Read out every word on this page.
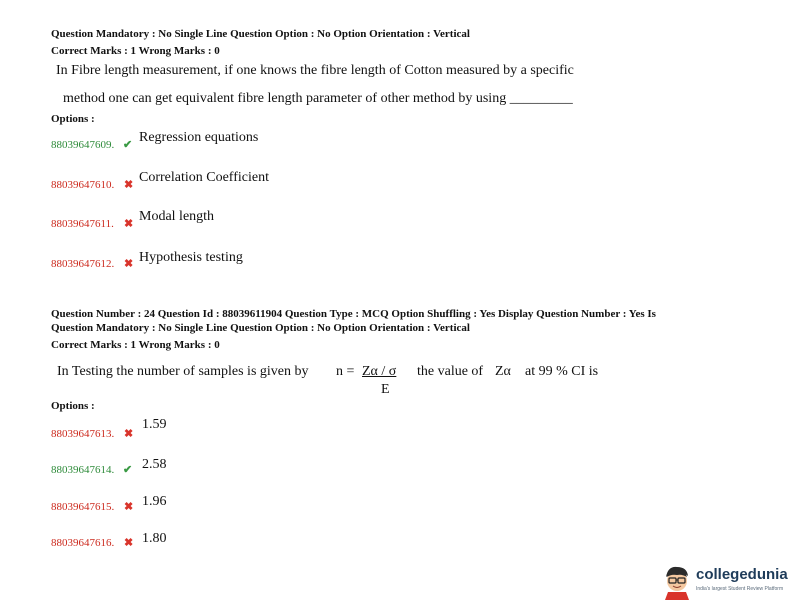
Question Mandatory : No Single Line Question Option : No Option Orientation : Vertical
Correct Marks : 1 Wrong Marks : 0
In Fibre length measurement, if one knows the fibre length of Cotton measured by a specific
method one can get equivalent fibre length parameter of other method by using _________
Options :
88039647609. ✔ Regression equations
88039647610. ✖ Correlation Coefficient
88039647611. ✖ Modal length
88039647612. ✖ Hypothesis testing
Question Number : 24 Question Id : 88039611904 Question Type : MCQ Option Shuffling : Yes Display Question Number : Yes Is
Question Mandatory : No Single Line Question Option : No Option Orientation : Vertical
Correct Marks : 1 Wrong Marks : 0
In Testing the number of samples is given by n = Zα / σ
E
the value of Zα at 99 % CI is
Options :
88039647613. ✖
1.59
88039647614. ✔ 2.58
88039647615. ✖ 1.96
88039647616. ✖ 1.80
collegedunia
India's largest Student Review Platform
